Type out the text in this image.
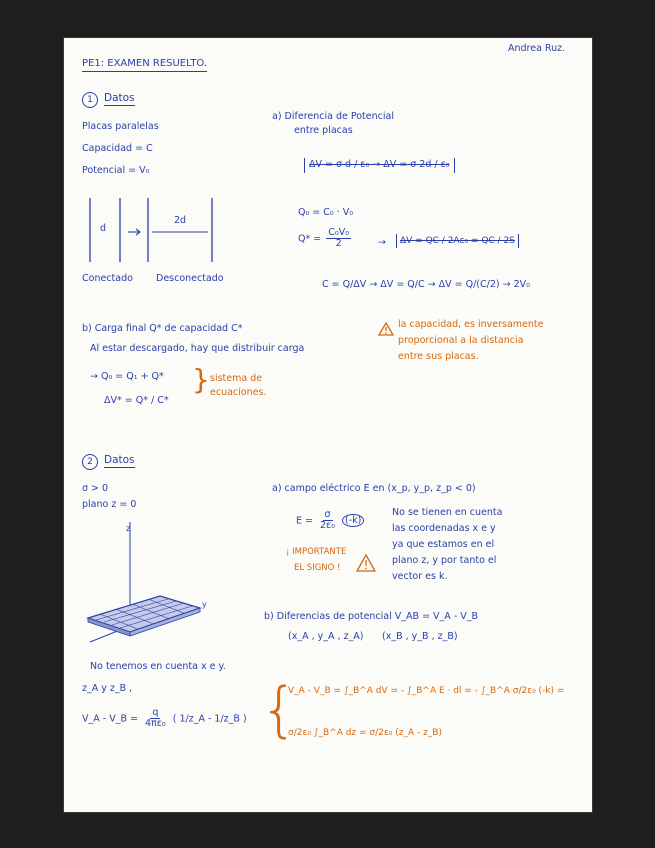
Andrea Ruz.
PE1: EXAMEN RESUELTO.
1	Datos
Placas paralelas
Capacidad = C
Potencial = V₀
d
2d
Conectado Desconectado
a) Diferencia de Potencial
entre placas
ΔV = σ d / ε₀ → ΔV = σ 2d / ε₀
Q₀ = C₀ · V₀
$Q* = \frac{\text{C₀V₀}}{2}$	→	ΔV = QC / 2Aε₀ = QC / 2S
C = Q/ΔV → ΔV = Q/C → ΔV = Q/(C/2) → 2V₀
b) Carga final Q* de capacidad C*
Al estar descargado, hay que distribuir carga
→ Q₀ = Q₁ + Q*
ΔV* = Q* / C*
} sistema de
ecuaciones.
la capacidad, es inversamente
proporcional a la distancia
entre sus placas.
2	Datos
σ > 0
plano z = 0
z
y
a) campo eléctrico E en (x_p, y_p, z_p < 0)
$E = \frac{\sigma}{\text{2ε₀}} (-k)$
No se tienen en cuenta
las coordenadas x e y
ya que estamos en el
plano z, y por tanto el
vector es k.
¡ IMPORTANTE
EL SIGNO !
b) Diferencias de potencial V_AB = V_A - V_B
(x_A , y_A , z_A) (x_B , y_B , z_B)
No tenemos en cuenta x e y.
z_A y z_B ,
V_A - V_B = $\frac{q}{\text{4πε₀}}$ ( 1/z_A - 1/z_B ) {
V_A - V_B = ∫_B^A dV = - ∫_B^A E · dl = - ∫_B^A σ/2ε₀ (-k) =
σ/2ε₀ ∫_B^A dz = σ/2ε₀ (z_A - z_B)
